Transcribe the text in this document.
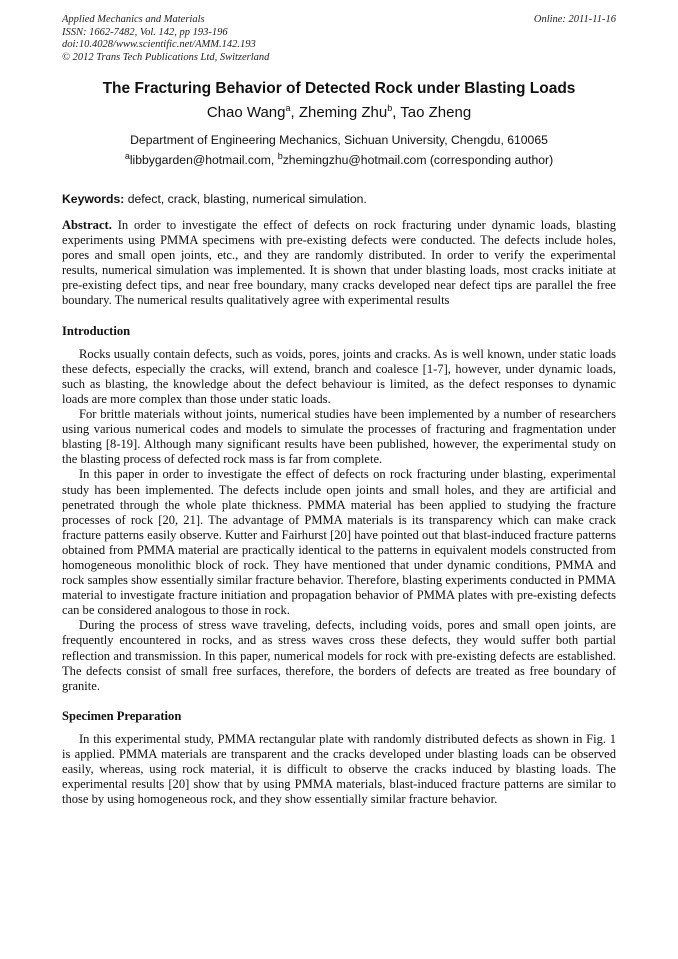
Applied Mechanics and Materials
ISSN: 1662-7482, Vol. 142, pp 193-196
doi:10.4028/www.scientific.net/AMM.142.193
© 2012 Trans Tech Publications Ltd, Switzerland
Online: 2011-11-16
The Fracturing Behavior of Detected Rock under Blasting Loads
Chao Wang$^a$, Zheming Zhu$^b$, Tao Zheng
Department of Engineering Mechanics, Sichuan University, Chengdu, 610065
$^a$libbygarden@hotmail.com, $^b$zhemingzhu@hotmail.com (corresponding author)
Keywords: defect, crack, blasting, numerical simulation.

Abstract. In order to investigate the effect of defects on rock fracturing under dynamic loads, blasting experiments using PMMA specimens with pre-existing defects were conducted. The defects include holes, pores and small open joints, etc., and they are randomly distributed. In order to verify the experimental results, numerical simulation was implemented. It is shown that under blasting loads, most cracks initiate at pre-existing defect tips, and near free boundary, many cracks developed near defect tips are parallel the free boundary. The numerical results qualitatively agree with experimental results

Introduction

Rocks usually contain defects, such as voids, pores, joints and cracks. As is well known, under static loads these defects, especially the cracks, will extend, branch and coalesce [1-7], however, under dynamic loads, such as blasting, the knowledge about the defect behaviour is limited, as the defect responses to dynamic loads are more complex than those under static loads.

For brittle materials without joints, numerical studies have been implemented by a number of researchers using various numerical codes and models to simulate the processes of fracturing and fragmentation under blasting [8-19]. Although many significant results have been published, however, the experimental study on the blasting process of defected rock mass is far from complete.

In this paper in order to investigate the effect of defects on rock fracturing under blasting, experimental study has been implemented. The defects include open joints and small holes, and they are artificial and penetrated through the whole plate thickness. PMMA material has been applied to studying the fracture processes of rock [20, 21]. The advantage of PMMA materials is its transparency which can make crack fracture patterns easily observe. Kutter and Fairhurst [20] have pointed out that blast-induced fracture patterns obtained from PMMA material are practically identical to the patterns in equivalent models constructed from homogeneous monolithic block of rock. They have mentioned that under dynamic conditions, PMMA and rock samples show essentially similar fracture behavior. Therefore, blasting experiments conducted in PMMA material to investigate fracture initiation and propagation behavior of PMMA plates with pre-existing defects can be considered analogous to those in rock.

During the process of stress wave traveling, defects, including voids, pores and small open joints, are frequently encountered in rocks, and as stress waves cross these defects, they would suffer both partial reflection and transmission. In this paper, numerical models for rock with pre-existing defects are established. The defects consist of small free surfaces, therefore, the borders of defects are treated as free boundary of granite.

Specimen Preparation

In this experimental study, PMMA rectangular plate with randomly distributed defects as shown in Fig. 1 is applied. PMMA materials are transparent and the cracks developed under blasting loads can be observed easily, whereas, using rock material, it is difficult to observe the cracks induced by blasting loads. The experimental results [20] show that by using PMMA materials, blast-induced fracture patterns are similar to those by using homogeneous rock, and they show essentially similar fracture behavior.
